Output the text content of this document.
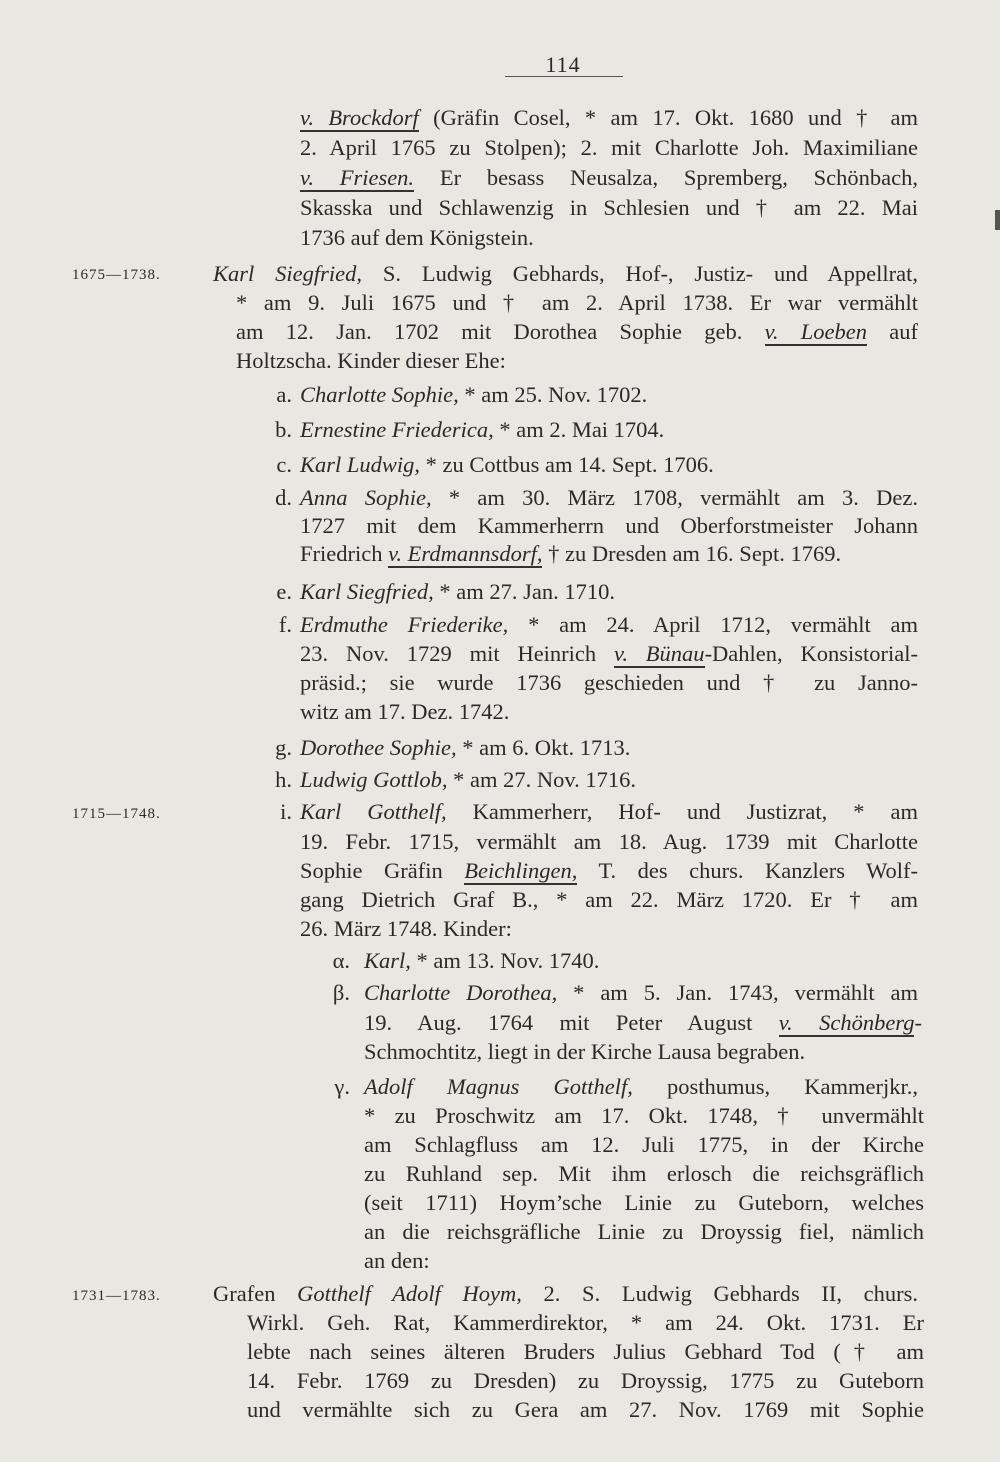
114
v. Brockdorf (Gräfin Cosel, * am 17. Okt. 1680 und † am
2. April 1765 zu Stolpen); 2. mit Charlotte Joh. Maximiliane
v. Friesen. Er besass Neusalza, Spremberg, Schönbach,
Skasska und Schlawenzig in Schlesien und † am 22. Mai
1736 auf dem Königstein.
1675—1738. Karl Siegfried, S. Ludwig Gebhards, Hof-, Justiz- und Appellrat,
* am 9. Juli 1675 und † am 2. April 1738. Er war vermählt
am 12. Jan. 1702 mit Dorothea Sophie geb. v. Loeben auf
Holtzscha. Kinder dieser Ehe:
a. Charlotte Sophie, * am 25. Nov. 1702.
b. Ernestine Friederica, * am 2. Mai 1704.
c. Karl Ludwig, * zu Cottbus am 14. Sept. 1706.
d. Anna Sophie, * am 30. März 1708, vermählt am 3. Dez.
1727 mit dem Kammerherrn und Oberforstmeister Johann
Friedrich v. Erdmannsdorf, † zu Dresden am 16. Sept. 1769.
e. Karl Siegfried, * am 27. Jan. 1710.
f. Erdmuthe Friederike, * am 24. April 1712, vermählt am
23. Nov. 1729 mit Heinrich v. Bünau-Dahlen, Konsistorial-
präsid.; sie wurde 1736 geschieden und † zu Janno-
witz am 17. Dez. 1742.
g. Dorothee Sophie, * am 6. Okt. 1713.
h. Ludwig Gottlob, * am 27. Nov. 1716.
1715—1748.	i. Karl Gotthelf, Kammerherr, Hof- und Justizrat, * am
19. Febr. 1715, vermählt am 18. Aug. 1739 mit Charlotte
Sophie Gräfin Beichlingen, T. des churs. Kanzlers Wolf-
gang Dietrich Graf B., * am 22. März 1720. Er † am
26. März 1748. Kinder:
α. Karl, * am 13. Nov. 1740.
β. Charlotte Dorothea, * am 5. Jan. 1743, vermählt am
19. Aug. 1764 mit Peter August v. Schönberg-
Schmochtitz, liegt in der Kirche Lausa begraben.
γ. Adolf Magnus Gotthelf, posthumus, Kammerjkr.,
* zu Proschwitz am 17. Okt. 1748, † unvermählt
am Schlagfluss am 12. Juli 1775, in der Kirche
zu Ruhland sep. Mit ihm erlosch die reichsgräflich
(seit 1711) Hoym’sche Linie zu Guteborn, welches
an die reichsgräfliche Linie zu Droyssig fiel, nämlich
an den:
1731—1783. Grafen Gotthelf Adolf Hoym, 2. S. Ludwig Gebhards II, churs.
Wirkl. Geh. Rat, Kammerdirektor, * am 24. Okt. 1731. Er
lebte nach seines älteren Bruders Julius Gebhard Tod († am
14. Febr. 1769 zu Dresden) zu Droyssig, 1775 zu Guteborn
und vermählte sich zu Gera am 27. Nov. 1769 mit Sophie
